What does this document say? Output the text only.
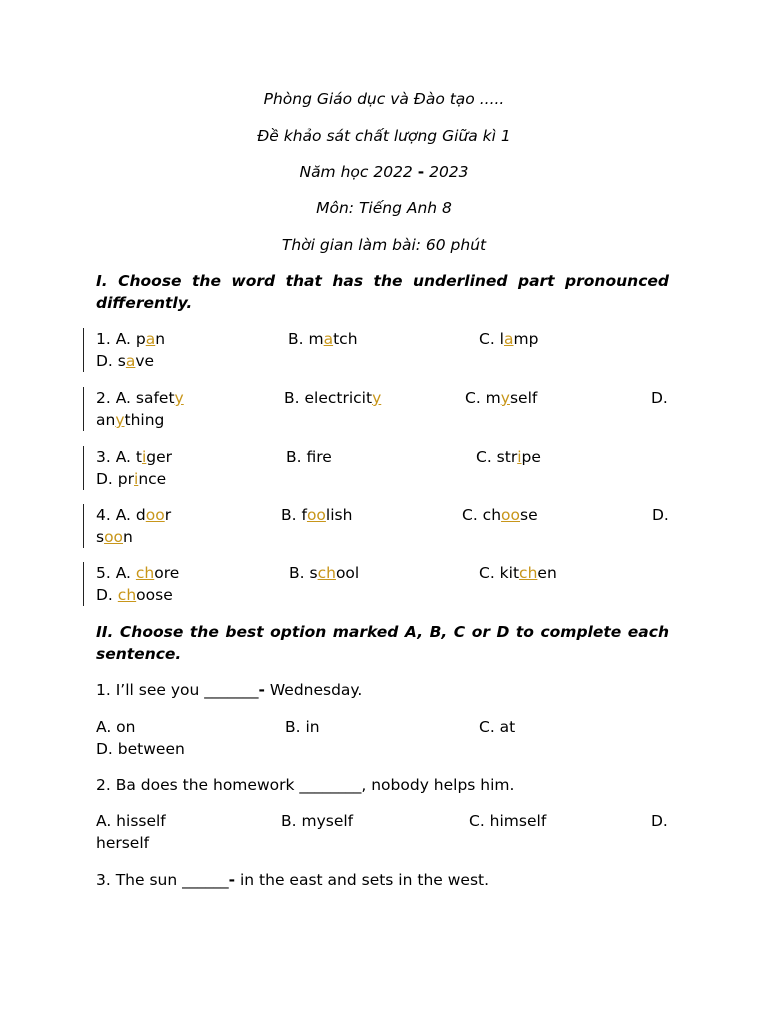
Phòng Giáo dục và Đào tạo .....
Đề khảo sát chất lượng Giữa kì 1
Năm học 2022 - 2023
Môn: Tiếng Anh 8
Thời gian làm bài: 60 phút
I. Choose the word that has the underlined part pronounced differently.
1. A. pan	B. match	C. lamp
D. save
2. A. safety	B. electricity	C. myself	D.
anything
3. A. tiger	B. fre	C. stripe
D. prince
4. A. door	B. foolish	C. choose	D.
soon
5. A. chore	B. school	C. kitchen
D. choose
II. Choose the best option marked A, B, C or D to complete each sentence.
1. I’ll see you _______- Wednesday.
A. on	B. in	C. at
D. between
2. Ba does the homework ________, nobody helps him.
A. hisself	B. myself	C. himself	D.
herself
3. The sun ______- in the east and sets in the west.
